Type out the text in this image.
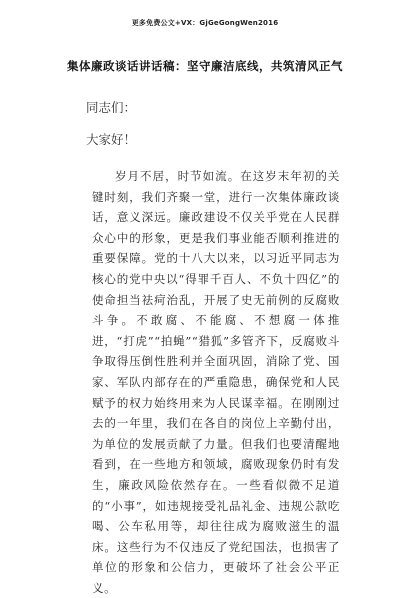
更多免费公文+VX：GjGeGongWen2016
集体廉政谈话讲话稿：坚守廉洁底线，共筑清风正气
同志们：
大家好！

岁月不居，时节如流。在这岁末年初的关键时刻，我们齐聚一堂，进行一次集体廉政谈话，意义深远。廉政建设不仅关乎党在人民群众心中的形象，更是我们事业能否顺利推进的重要保障。党的十八大以来，以习近平同志为核心的党中央以“得罪千百人、不负十四亿”的使命担当祛疴治乱，开展了史无前例的反腐败斗争。不敢腐、不能腐、不想腐一体推进，“打虎”“拍蝇”“猎狐”多管齐下，反腐败斗争取得压倒性胜利并全面巩固，消除了党、国家、军队内部存在的严重隐患，确保党和人民赋予的权力始终用来为人民谋幸福。在刚刚过去的一年里，我们在各自的岗位上辛勤付出，为单位的发展贡献了力量。但我们也要清醒地看到，在一些地方和领域，腐败现象仍时有发生，廉政风险依然存在。一些看似微不足道的“小事”，如违规接受礼品礼金、违规公款吃喝、公车私用等，却往往成为腐败滋生的温床。这些行为不仅违反了党纪国法，也损害了单位的形象和公信力，更破坏了社会公平正义。
